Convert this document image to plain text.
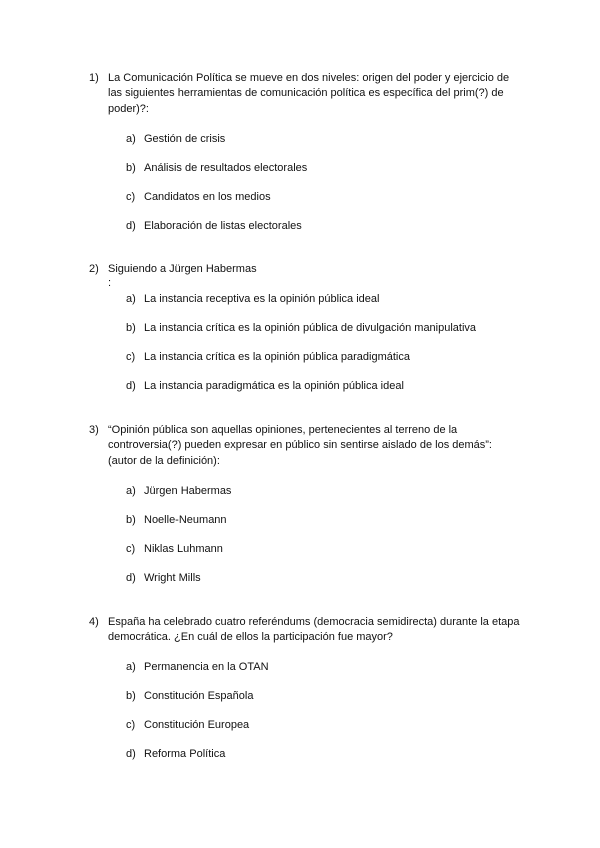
1) La Comunicación Política se mueve en dos niveles: origen del poder y ejercicio de
las siguientes herramientas de comunicación política es específica del prim(?) de
poder)?:
a) Gestión de crisis
b) Análisis de resultados electorales
c) Candidatos en los medios
d) Elaboración de listas electorales
2) Siguiendo a Jürgen Habermas
:
a) La instancia receptiva es la opinión pública ideal
b) La instancia crítica es la opinión pública de divulgación manipulativa
c) La instancia crítica es la opinión pública paradigmática
d) La instancia paradigmática es la opinión pública ideal
3) “Opinión pública son aquellas opiniones, pertenecientes al terreno de la
controversia(?) pueden expresar en público sin sentirse aislado de los demás”:
(autor de la definición):
a) Jürgen Habermas
b) Noelle-Neumann
c) Niklas Luhmann
d) Wright Mills
4) España ha celebrado cuatro referéndums (democracia semidirecta) durante la etapa
democrática. ¿En cuál de ellos la participación fue mayor?
a) Permanencia en la OTAN
b) Constitución Española
c) Constitución Europea
d) Reforma Política
